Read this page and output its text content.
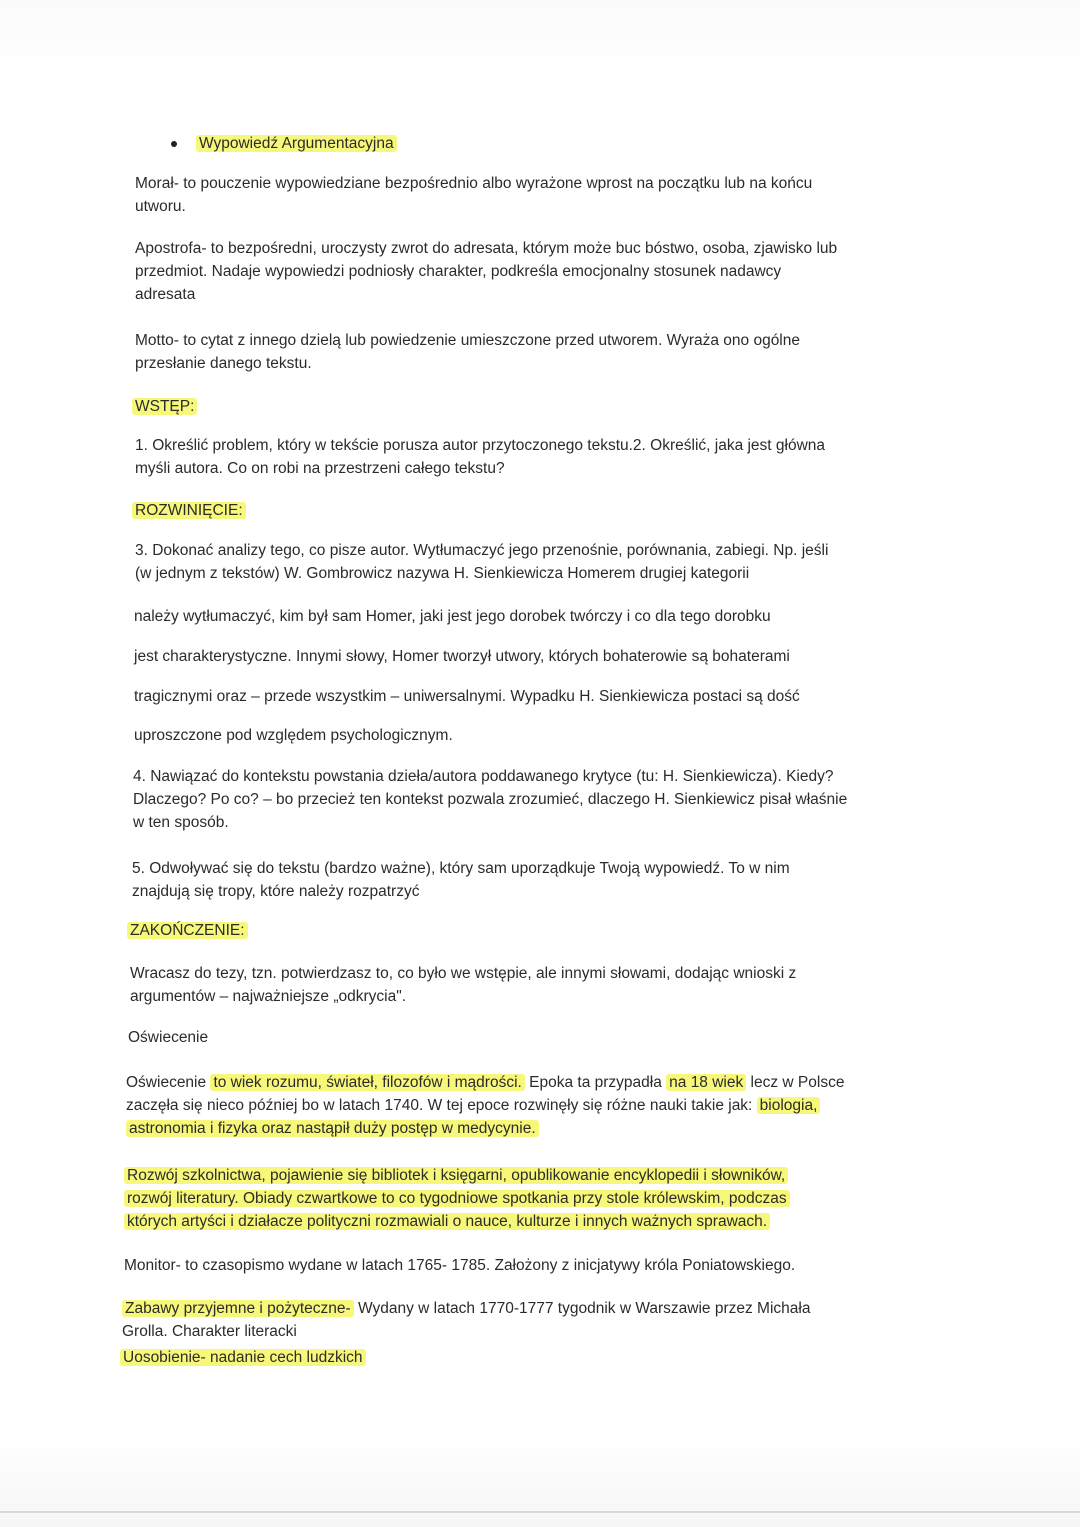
Wypowiedź Argumentacyjna

Morał- to pouczenie wypowiedziane bezpośrednio albo wyrażone wprost na początku lub na końcu
utworu.

Apostrofa- to bezpośredni, uroczysty zwrot do adresata, którym może buc bóstwo, osoba, zjawisko lub
przedmiot. Nadaje wypowiedzi podniosły charakter, podkreśla emocjonalny stosunek nadawcy
adresata

Motto- to cytat z innego dzielą lub powiedzenie umieszczone przed utworem. Wyraża ono ogólne
przesłanie danego tekstu.

WSTĘP:

1. Określić problem, który w tekście porusza autor przytoczonego tekstu.2. Określić, jaka jest główna
myśli autora. Co on robi na przestrzeni całego tekstu?

ROZWINIĘCIE:

3. Dokonać analizy tego, co pisze autor. Wytłumaczyć jego przenośnie, porównania, zabiegi. Np. jeśli
(w jednym z tekstów) W. Gombrowicz nazywa H. Sienkiewicza Homerem drugiej kategorii

należy wytłumaczyć, kim był sam Homer, jaki jest jego dorobek twórczy i co dla tego dorobku

jest charakterystyczne. Innymi słowy, Homer tworzył utwory, których bohaterowie są bohaterami

tragicznymi oraz – przede wszystkim – uniwersalnymi. Wypadku H. Sienkiewicza postaci są dość

uproszczone pod względem psychologicznym.

4. Nawiązać do kontekstu powstania dzieła/autora poddawanego krytyce (tu: H. Sienkiewicza). Kiedy?
Dlaczego? Po co? – bo przecież ten kontekst pozwala zrozumieć, dlaczego H. Sienkiewicz pisał właśnie
w ten sposób.

5. Odwoływać się do tekstu (bardzo ważne), który sam uporządkuje Twoją wypowiedź. To w nim
znajdują się tropy, które należy rozpatrzyć

ZAKOŃCZENIE:

Wracasz do tezy, tzn. potwierdzasz to, co było we wstępie, ale innymi słowami, dodając wnioski z
argumentów – najważniejsze „odkrycia".

Oświecenie

Oświecenie to wiek rozumu, świateł, filozofów i mądrości. Epoka ta przypadła na 18 wiek lecz w Polsce
zaczęła się nieco później bo w latach 1740. W tej epoce rozwinęły się różne nauki takie jak: biologia,
astronomia i fizyka oraz nastąpił duży postęp w medycynie.

Rozwój szkolnictwa, pojawienie się bibliotek i księgarni, opublikowanie encyklopedii i słowników,
rozwój literatury. Obiady czwartkowe to co tygodniowe spotkania przy stole królewskim, podczas
których artyści i działacze polityczni rozmawiali o nauce, kulturze i innych ważnych sprawach.

Monitor- to czasopismo wydane w latach 1765- 1785. Założony z inicjatywy króla Poniatowskiego.

Zabawy przyjemne i pożyteczne- Wydany w latach 1770-1777 tygodnik w Warszawie przez Michała
Grolla. Charakter literacki

Uosobienie- nadanie cech ludzkich
